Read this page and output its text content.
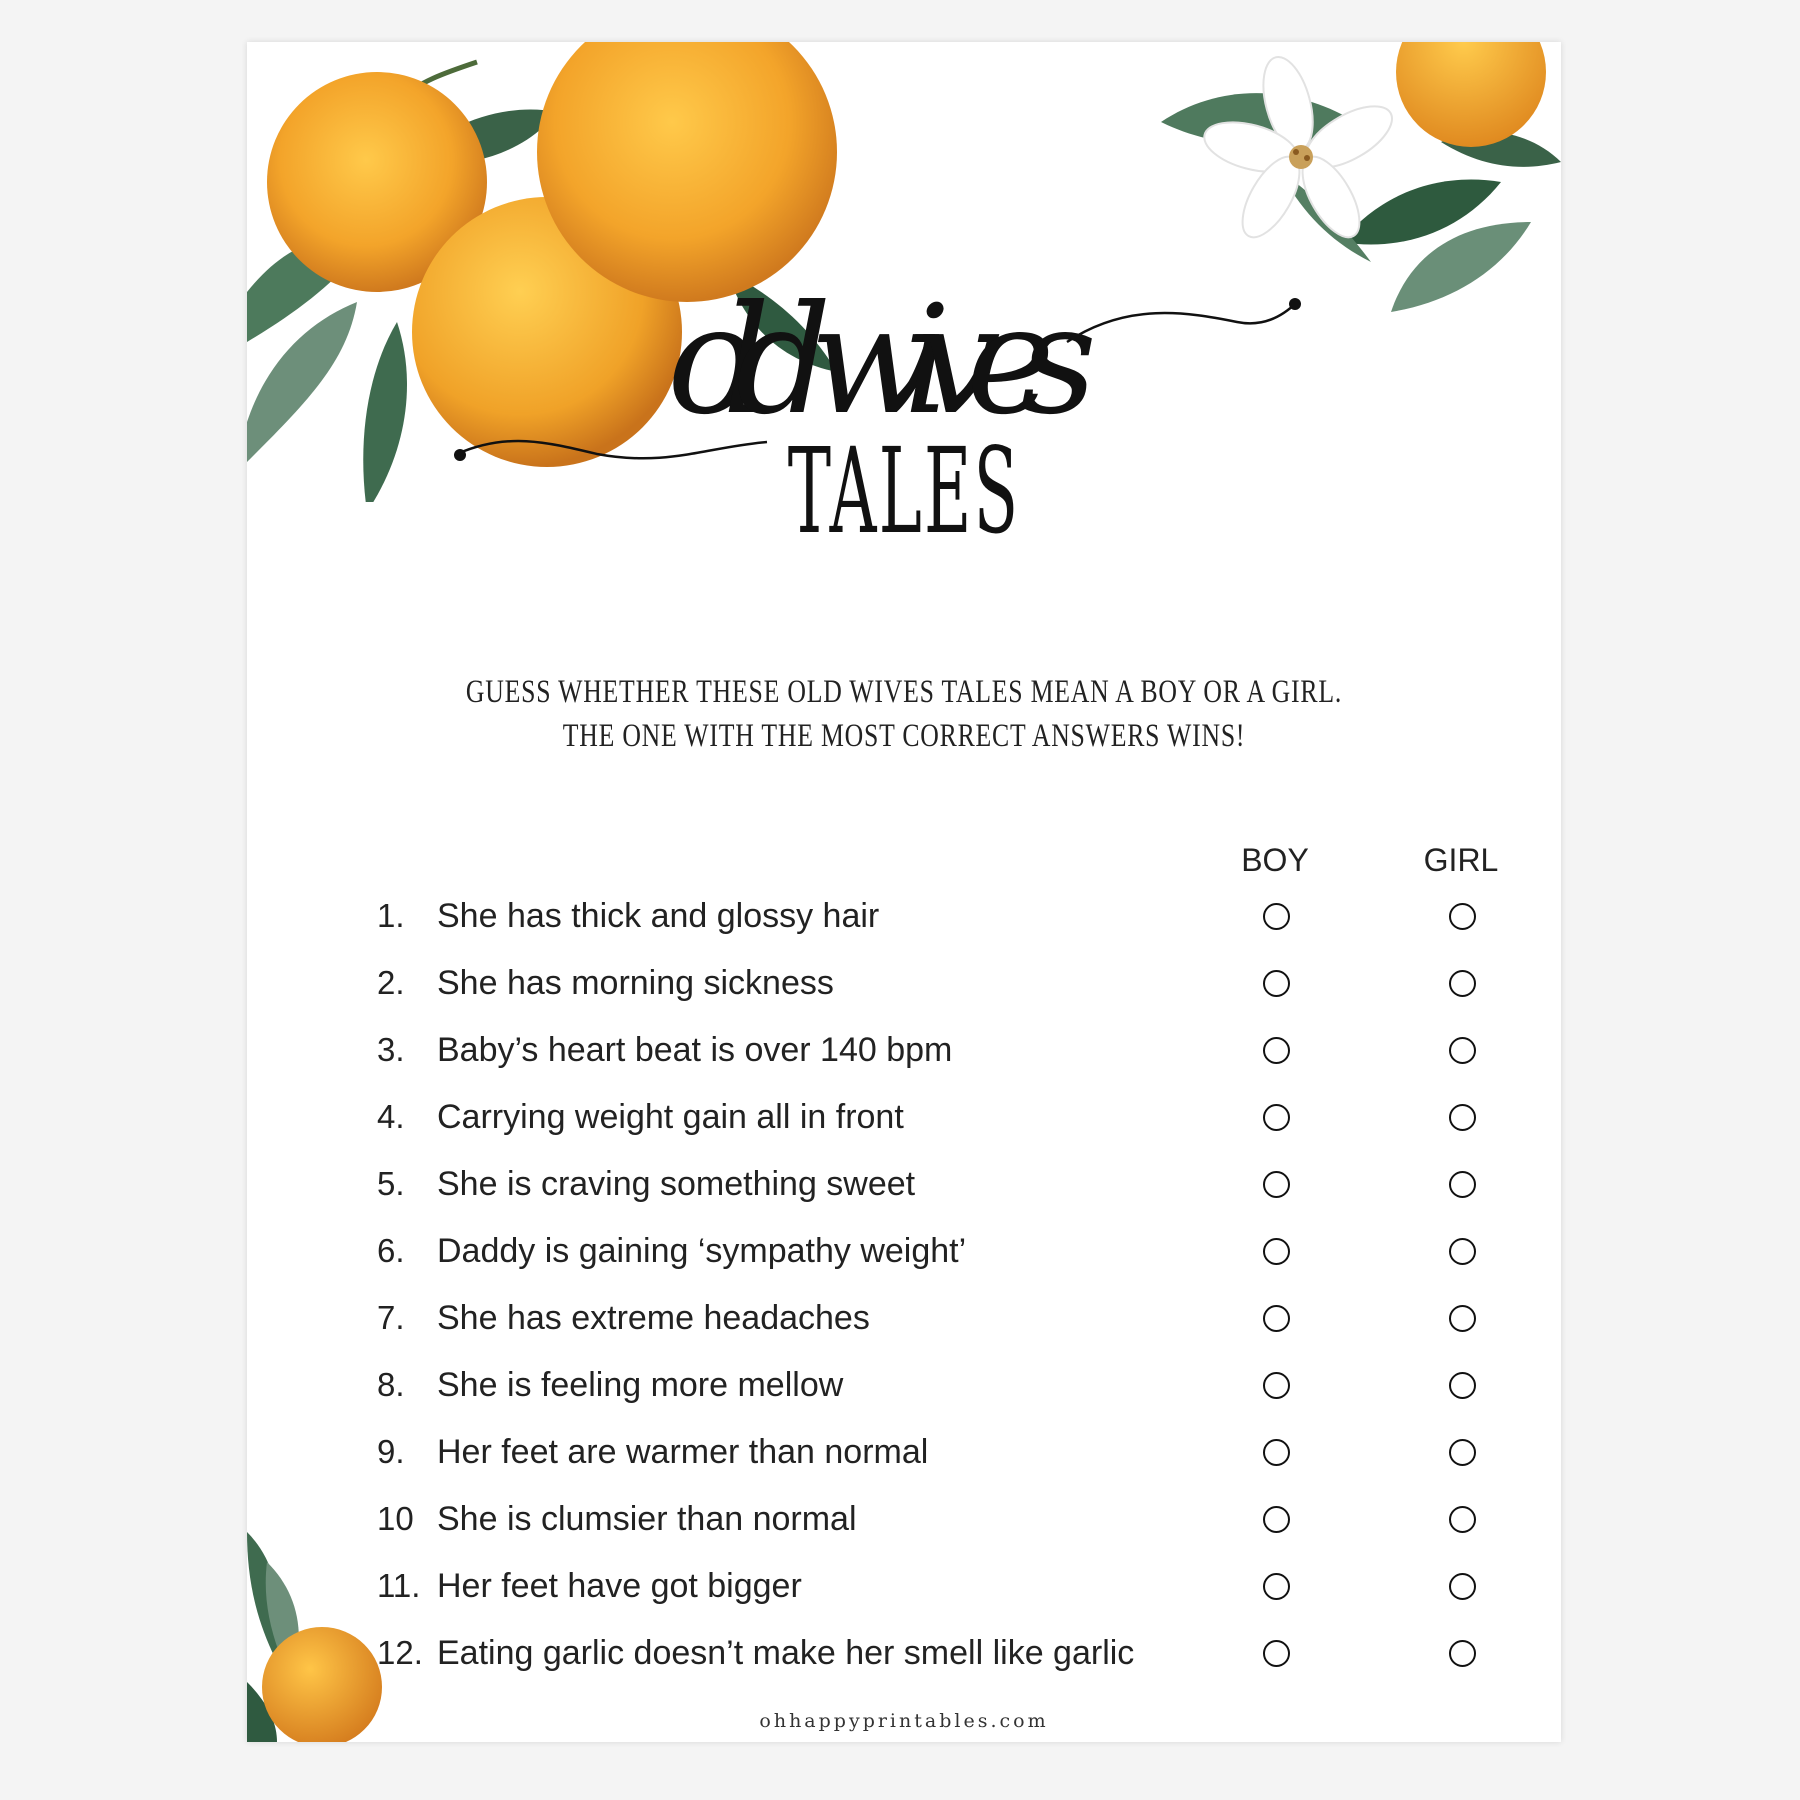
old wives
TALES
GUESS WHETHER THESE OLD WIVES TALES MEAN A BOY OR A GIRL.
THE ONE WITH THE MOST CORRECT ANSWERS WINS!
BOY	GIRL
1. She has thick and glossy hair
2. She has morning sickness
3. Baby’s heart beat is over 140 bpm
4. Carrying weight gain all in front
5. She is craving something sweet
6. Daddy is gaining ‘sympathy weight’
7. She has extreme headaches
8. She is feeling more mellow
9. Her feet are warmer than normal
10 She is clumsier than normal
11. Her feet have got bigger
12. Eating garlic doesn’t make her smell like garlic
ohhappyprintables.com
